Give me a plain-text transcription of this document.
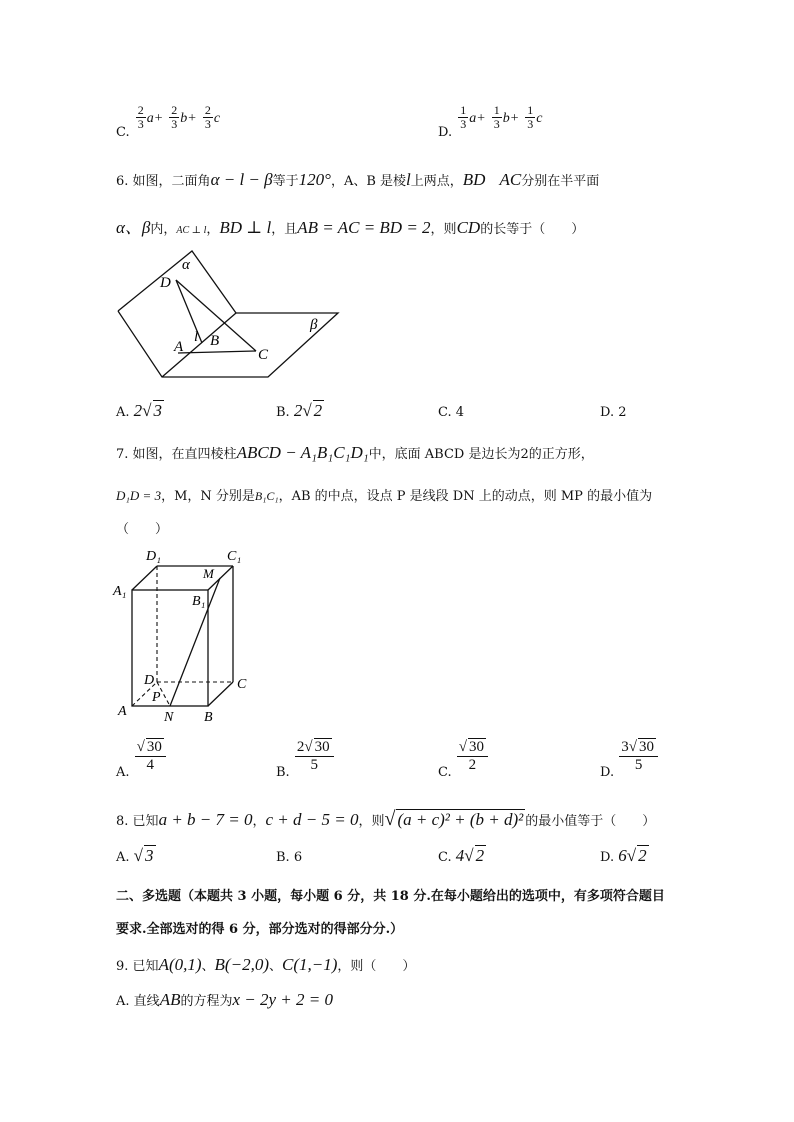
$_{C.}$
$\frac{2}{3} a+ \frac{2}{3} b+ \frac{2}{3}$ c
$_{D.}$
$\frac{1}{3} a+ \frac{1}{3} b+ \frac{1}{3}$ c
6. 如图，二面角α − l − β等于120°，A、B 是棱l上两点，BD AC分别在半平面
α、β内，AC ⊥ l，BD ⊥ l，且AB = AC = BD = 2，则CD的长等于（　　）
α
D
l B
A	C
β
A. 2√ 3	B. 2√ 2	C. 4	D. 2
7. 如图，在直四棱柱ABCD − A₁B₁C₁D₁中，底面 ABCD 是边长为2的正方形，
D₁D = 3，M，N 分别是B₁C₁，AB 的中点，设点 P 是线段 DN 上的动点，则 MP 的最小值为
（　　）
D₁	C₁
A₁
M
B₁
D	C
P
A	N B
A. $\frac{√ 30}{4}$	B. $\frac{2√ 30}{5}$	C. $\frac{√ 30}{2}$	D. $\frac{3√ 30}{5}$
8. 已知a + b − 7 = 0，c + d − 5 = 0，则√ (a + c)² + (b + d)² 的最小值等于（　　）
A. √ 3	B. 6	C. 4√ 2	D. 6√ 2
二、多选题（本题共 3 小题，每小题 6 分，共 18 分.在每小题给出的选项中，有多项符合题目
要求.全部选对的得 6 分，部分选对的得部分分.）
9. 已知A(0,1)、B(−2,0)、C(1,−1)，则（　　）
A. 直线AB的方程为x − 2y + 2 = 0
